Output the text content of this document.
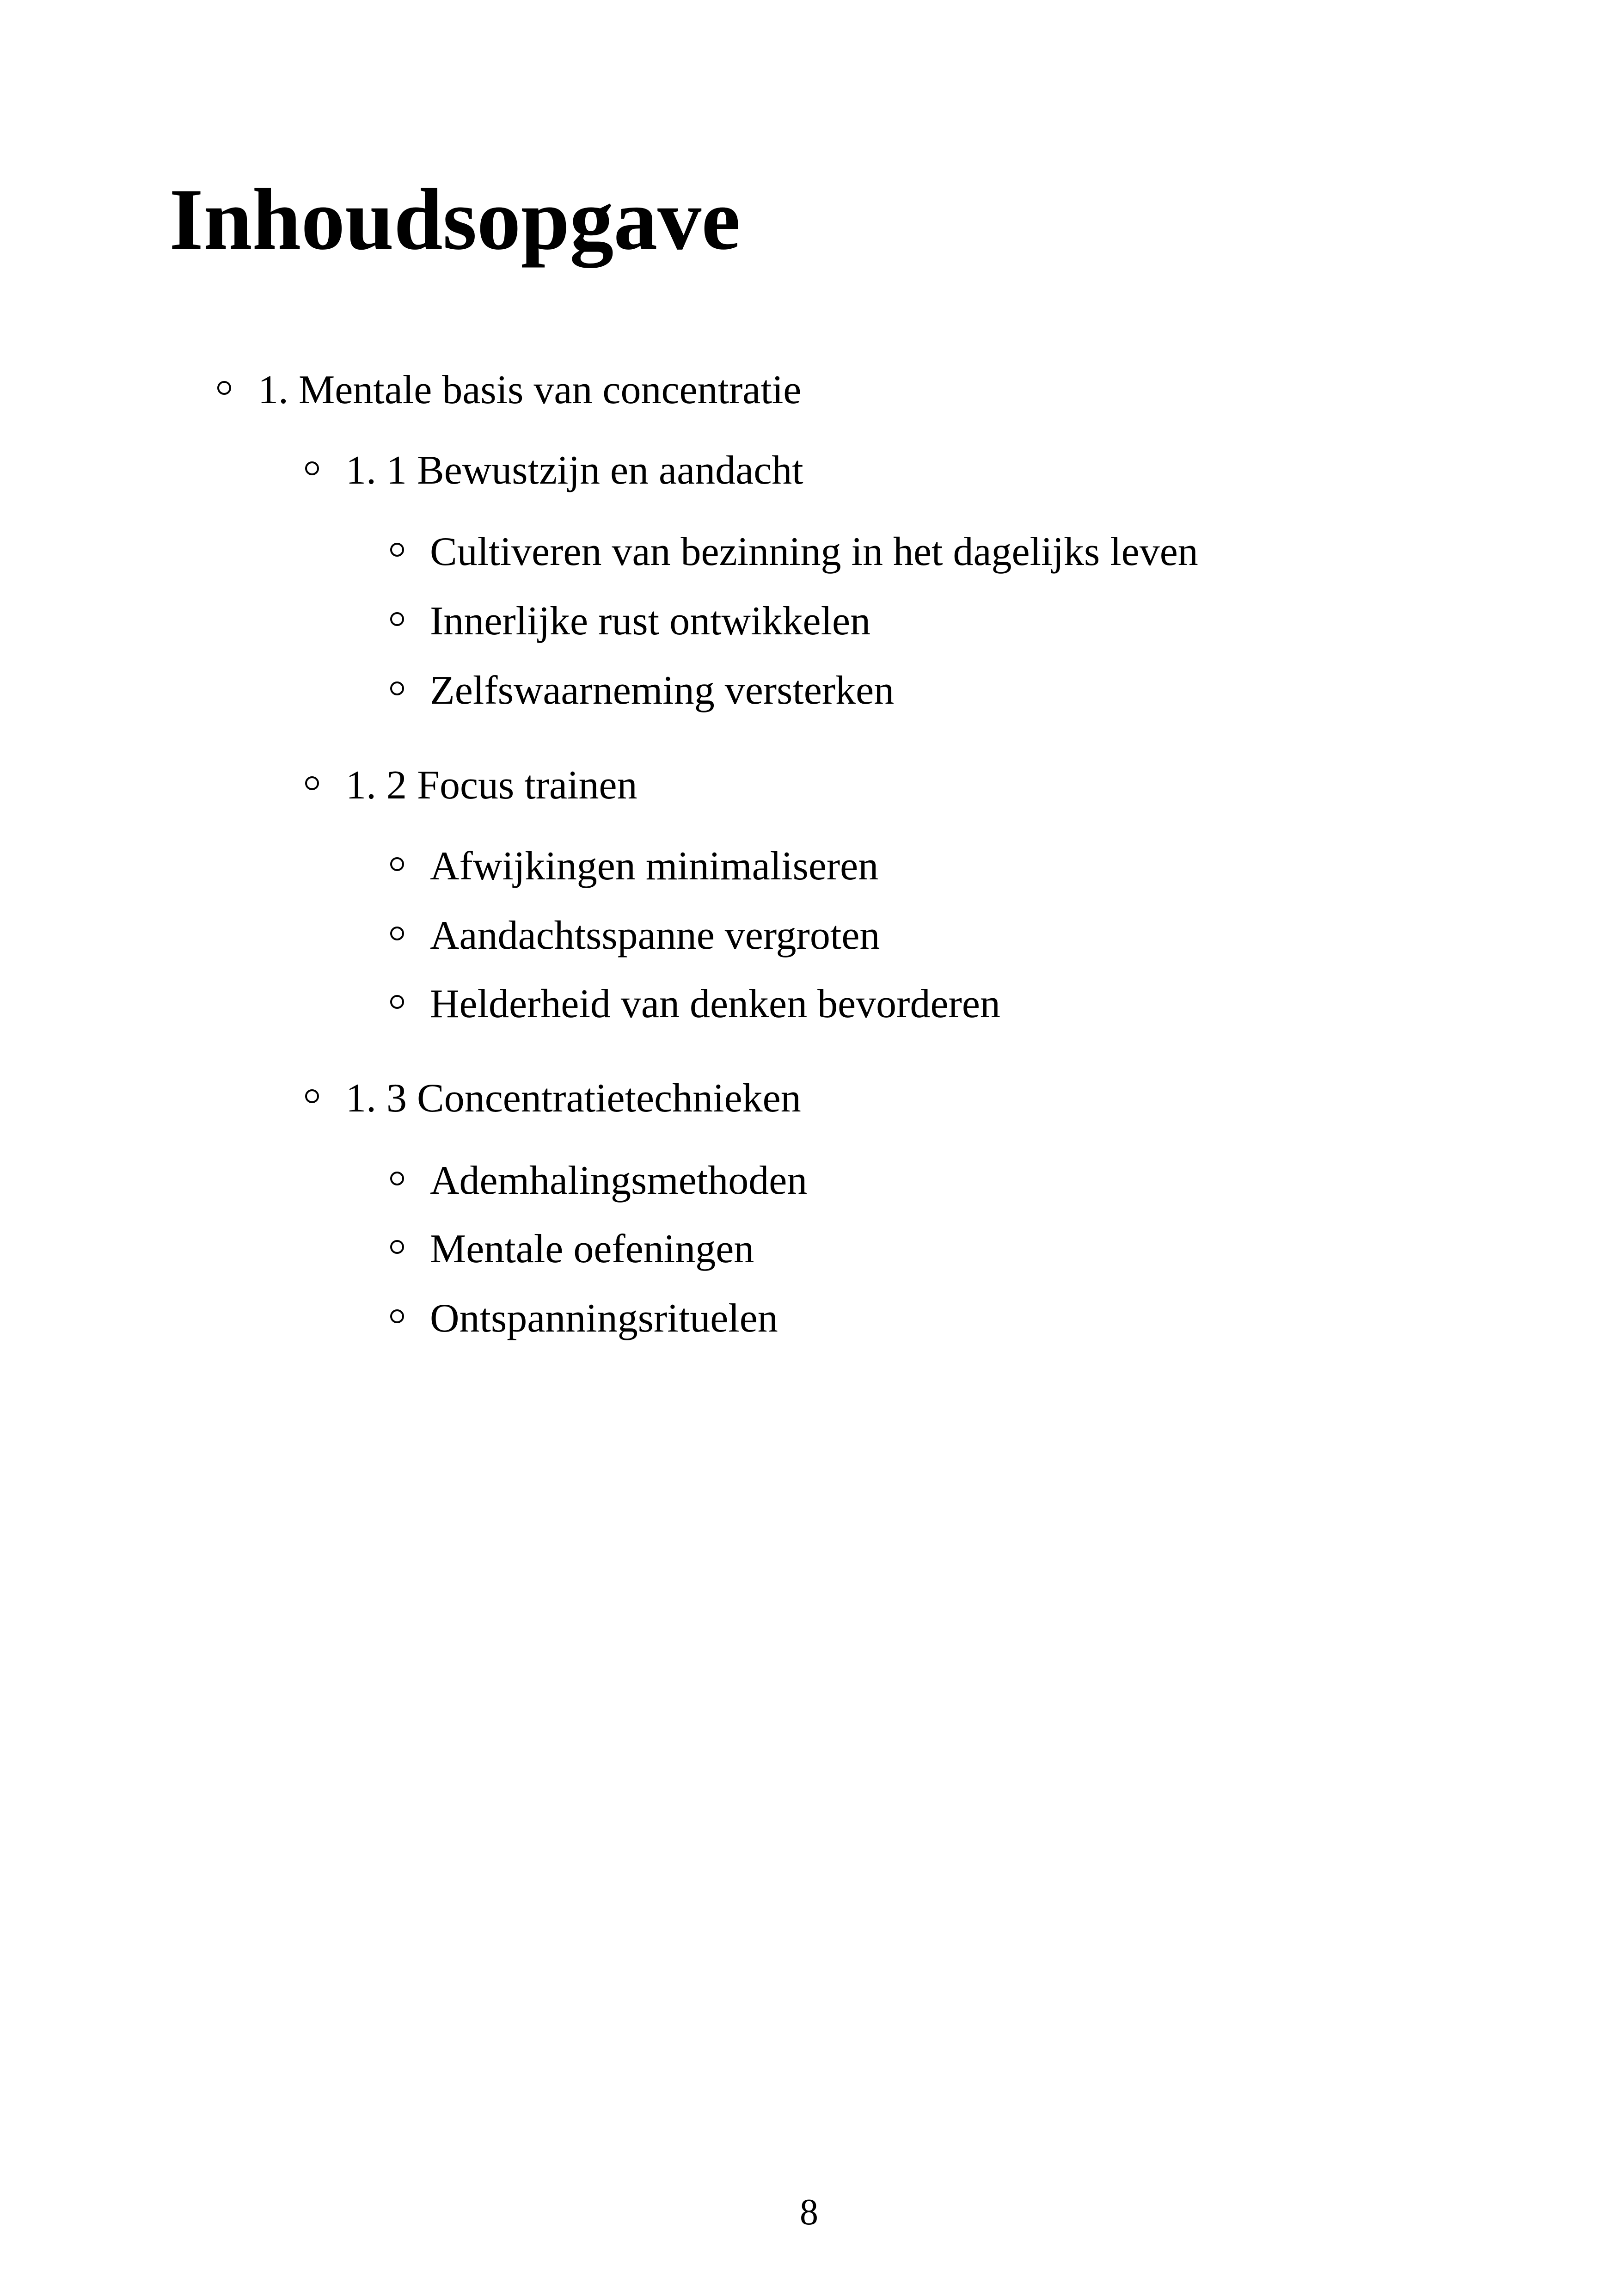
Inhoudsopgave
1. Mentale basis van concentratie
1. 1 Bewustzijn en aandacht
Cultiveren van bezinning in het dagelijks leven
Innerlijke rust ontwikkelen
Zelfswaarneming versterken
1. 2 Focus trainen
Afwijkingen minimaliseren
Aandachtsspanne vergroten
Helderheid van denken bevorderen
1. 3 Concentratietechnieken
Ademhalingsmethoden
Mentale oefeningen
Ontspanningsrituelen
8
